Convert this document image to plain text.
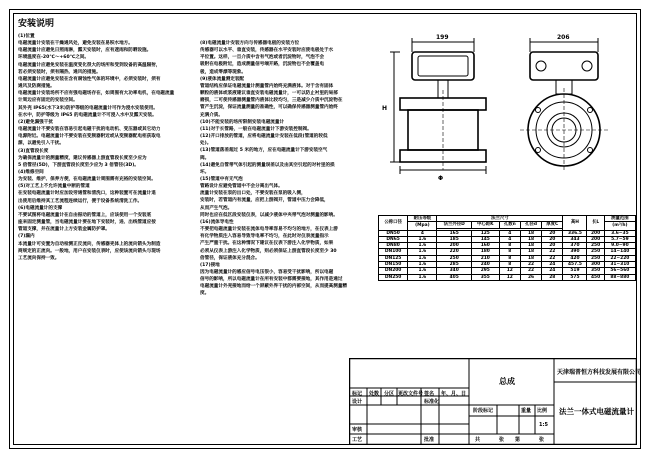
安装说明

(1)位置

电磁流量计安装在干燥通风处，避免安装在易积水地方。

电磁流量计应避免日照雨淋，露天安装时，应有遮雨和防晒设施。

环境温度在-20℃～+60℃之间。

电磁流量计应避免安装在温度变化很大的场所和受到设备的高温辐射，

若必须安装时，须有隔热、通风的措施。

电磁流量计应避免安装在含有腐蚀性气体的环境中，必须安装时，须有

通风及防腐措施。

电磁流量计安装场所不应有强电磁场存在，如周围有大功率电机，在电磁流量

计周边应有固定的安装空间。

其外壳 IP65(水下3米)防护等级的电磁流量计可作为浸水安装使用。

在水中，防护等级为 IP65 的电磁流量计不可浸入水中及露天安装。

(2)避免漏强干扰

电磁流量计不要安装在容易引起电磁干扰的电动机、变压器或其它动力

电源附近。电磁流量计不要安装在变频器附近或从变频器配电柜获取电

源，以避免引入干扰。

(3)直管段长度

为确保流量计的测量精度，建议传感器上游直管段长度至少应为

5 倍管径(5D)，下游直管段长度至少应为 3 倍管径(3D)。

(4)维修空间

为安装、维护、保养方便，在电磁流量计周围需有充裕的安装空间。

(5)对工艺上不允许流量中断的管道

在安装电磁流量计时应加设旁通管和清洗口，这种装置可在流量计退

出使用后维持其工艺流程连续运行，便于设备系统清洗工作。

(6)电磁流量计的支撑

不要试图将电磁流量计在自由振动的管道上，应该使用一个安装底

座来固定测量管，当电磁流量计要在地下安装时，进、出线管道应按

管道支撑，并在流量计上方安装金属防护罩。

(7)漏内

本流量计可安置为自动检测正反流向，传感器壳体上的流向箭头为制造

商规定的正流向。一般地，用户在安装仪表时，应使该流向箭头与现场

工艺流向保持一致。

(8)电磁流量计安装方向与传感器电极的安装方位

传感器可以水平、垂直安装，传感器在水平安装时应使电极处于水

平位置。这样，一旦介质中含有气泡或者沉淀物时，气泡不会

吸附在电极附近，造成测量信号端开路，沉淀物也不会覆盖电

极，造成零漂等现象。

(9)液体流量测定装配

管道结构应保证电磁流量计测量管内始终充满液体。对于含有固体

颗粒的液体或浆液建议垂直安装电磁流量计，一可以防止衬里的局部

磨损，二可使传感器测量管内液体比较均匀，三是减少介质中沉淀物在

管产生沉淀，保证流量测量的准确性，可以确保传感器测量管内始终

充满介质。

(10)不能安装的场所限制安装电磁流量计

(11)对于长管路，一般在电磁流量计下游安装控制阀。

(12)开口排放的管道，应将电磁流量计安装在低段(管道的较低

处)。

(13)管道落差超过 5 米的地方，应在电磁流量计下游安装空气

阀。

(14)避免自管带气体引起的测量误差以及由其空引起的对衬里的损

坏。

(15)管道中有无气泡

管路设计应避免管道中不会分离出气体。

流量计安装在泵的出口处，不要安装在泵的吸入侧，

安装时，若管道内有流量，应把上游阀开，管道中压力会降低，

从而产生气泡。

同时也应在低区段安装仪表，以减少液体中夹带气泡对测量的影响。

(16)流体导电性

不要把电磁流量计安装在流体电导率容易不均匀的地方，在仪表上游

有化学物质注入容易导致导电率不均匀，在此时对仪表流量指示

产生严重干扰。在这种情况下建议在仪表下游注入化学物质，如果

必须从仪表上游注入化学物质，则必须保证上游直管段长度至少 30

倍管径，保证液体充分混合。

(17)接地

因为电磁流量计的感应信号电压很小，容易受干扰影响，所以电磁

信号的影响，所以电磁流量计在所有安装中都需要接地，其作用是通过

电磁流量计外壳接地而给一个屏蔽外界干扰的内部空间，从而提高测量精

度。

199
H
Φ
206
公称口径	耐压等级	法兰尺寸					高H	长L	测量范围
	(Mpa)	法兰外径D	中心距K	孔数n	孔径d	厚度C			(m³/h)

DN50	4	165	125	4	18	20	336.5	200	3.6~35
DN65	1.6	185	145	4	18	20	343	200	5.7~59
DN80	1.6	200	160	8	18	20	370	250	9.0~90
DN100	1.6	220	180	8	18	22	390	250	14~140
DN125	1.6	250	210	8	18	22	420	250	22~220
DN150	1.6	285	240	8	22	24	457.5	300	31~310
DN200	1.6	340	295	12	22	24	519	350	56~560
DN250	1.6	405	355	12	26	28	575	450	88~880
总成
天津瑞普恒方科技发展有限公司
法兰一体式电磁流量计
标记 处数 分区 更改文件号 签名 年、月、日
设计	标准化
阶段标记	重量 比例
1:5
审核
工艺	批准	共	张 第	张
